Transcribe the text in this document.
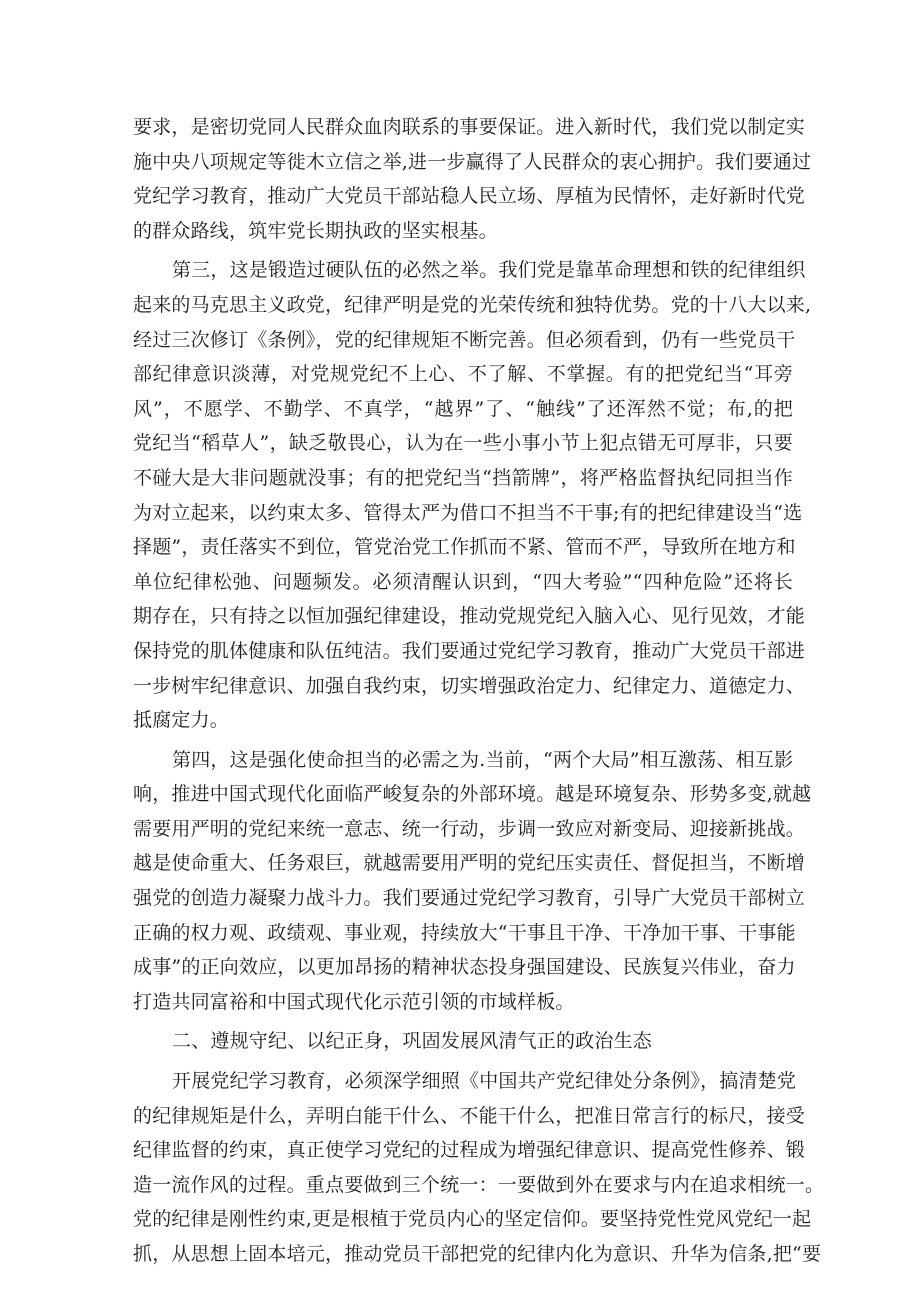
要求，是密切党同人民群众血肉联系的事要保证。进入新时代，我们党以制定实
施中央八项规定等徙木立信之举,进一步赢得了人民群众的衷心拥护。我们要通过
党纪学习教育，推动广大党员干部站稳人民立场、厚植为民情怀，走好新时代党
的群众路线，筑牢党长期执政的坚实根基。
第三，这是锻造过硬队伍的必然之举。我们党是靠革命理想和铁的纪律组织
起来的马克思主义政党，纪律严明是党的光荣传统和独特优势。党的十八大以来,
经过三次修订《条例》，党的纪律规矩不断完善。但必须看到，仍有一些党员干
部纪律意识淡薄，对党规党纪不上心、不了解、不掌握。有的把党纪当“耳旁
风”，不愿学、不勤学、不真学，“越界”了、“触线”了还浑然不觉；布,的把
党纪当“稻草人”，缺乏敬畏心，认为在一些小事小节上犯点错无可厚非，只要
不碰大是大非问题就没事；有的把党纪当“挡箭牌”，将严格监督执纪同担当作
为对立起来，以约束太多、管得太严为借口不担当不干事;有的把纪律建设当“选
择题”，责任落实不到位，管党治党工作抓而不紧、管而不严，导致所在地方和
单位纪律松弛、问题频发。必须清醒认识到，“四大考验”“四种危险”还将长
期存在，只有持之以恒加强纪律建设，推动党规党纪入脑入心、见行见效，才能
保持党的肌体健康和队伍纯洁。我们要通过党纪学习教育，推动广大党员干部进
一步树牢纪律意识、加强自我约束，切实增强政治定力、纪律定力、道德定力、
抵腐定力。
第四，这是强化使命担当的必需之为.当前，“两个大局”相互激荡、相互影
响，推进中国式现代化面临严峻复杂的外部环境。越是环境复杂、形势多变,就越
需要用严明的党纪来统一意志、统一行动，步调一致应对新变局、迎接新挑战。
越是使命重大、任务艰巨，就越需要用严明的党纪压实责任、督促担当，不断增
强党的创造力凝聚力战斗力。我们要通过党纪学习教育，引导广大党员干部树立
正确的权力观、政绩观、事业观，持续放大“干事且干净、干净加干事、干事能
成事”的正向效应，以更加昂扬的精神状态投身强国建设、民族复兴伟业，奋力
打造共同富裕和中国式现代化示范引领的市域样板。
二、遵规守纪、以纪正身，巩固发展风清气正的政治生态
开展党纪学习教育，必须深学细照《中国共产党纪律处分条例》，搞清楚党
的纪律规矩是什么，弄明白能干什么、不能干什么，把准日常言行的标尺，接受
纪律监督的约束，真正使学习党纪的过程成为增强纪律意识、提高党性修养、锻
造一流作风的过程。重点要做到三个统一：一要做到外在要求与内在追求相统一。
党的纪律是刚性约束,更是根植于党员内心的坚定信仰。要坚持党性党风党纪一起
抓，从思想上固本培元，推动党员干部把党的纪律内化为意识、升华为信条,把“要
